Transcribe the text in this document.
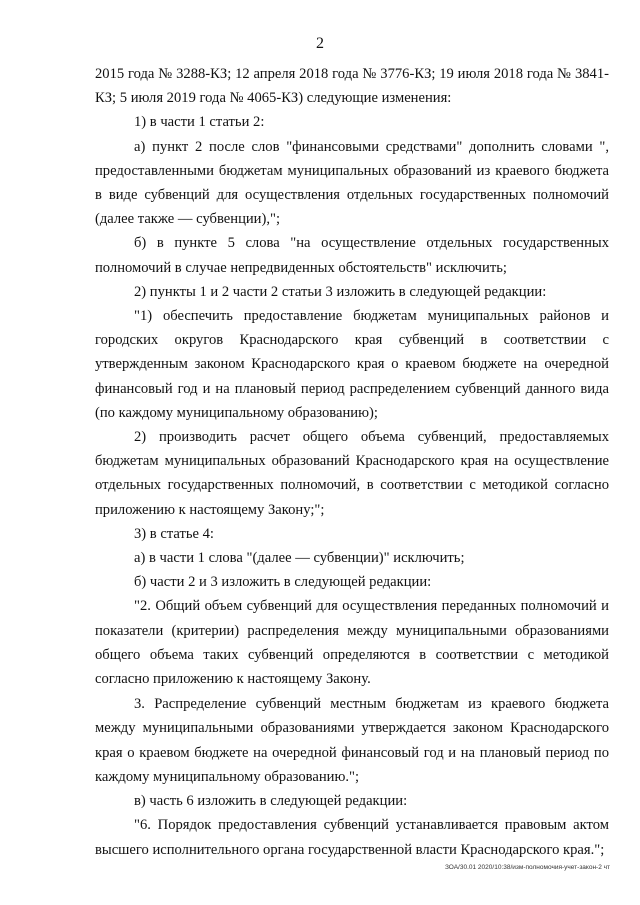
2

2015 года № 3288-КЗ; 12 апреля 2018 года № 3776-КЗ; 19 июля 2018 года № 3841-КЗ; 5 июля 2019 года № 4065-КЗ) следующие изменения:

1) в части 1 статьи 2:

а) пункт 2 после слов "финансовыми средствами" дополнить словами ", предоставленными бюджетам муниципальных образований из краевого бюджета в виде субвенций для осуществления отдельных государственных полномочий (далее также — субвенции),";

б) в пункте 5 слова "на осуществление отдельных государственных полномочий в случае непредвиденных обстоятельств" исключить;

2) пункты 1 и 2 части 2 статьи 3 изложить в следующей редакции:

"1) обеспечить предоставление бюджетам муниципальных районов и городских округов Краснодарского края субвенций в соответствии с утвержденным законом Краснодарского края о краевом бюджете на очередной финансовый год и на плановый период распределением субвенций данного вида (по каждому муниципальному образованию);

2) производить расчет общего объема субвенций, предоставляемых бюджетам муниципальных образований Краснодарского края на осуществление отдельных государственных полномочий, в соответствии с методикой согласно приложению к настоящему Закону;";

3) в статье 4:

а) в части 1 слова "(далее — субвенции)" исключить;

б) части 2 и 3 изложить в следующей редакции:

"2. Общий объем субвенций для осуществления переданных полномочий и показатели (критерии) распределения между муниципальными образованиями общего объема таких субвенций определяются в соответствии с методикой согласно приложению к настоящему Закону.

3. Распределение субвенций местным бюджетам из краевого бюджета между муниципальными образованиями утверждается законом Краснодарского края о краевом бюджете на очередной финансовый год и на плановый период по каждому муниципальному образованию.";

в) часть 6 изложить в следующей редакции:

"6. Порядок предоставления субвенций устанавливается правовым актом высшего исполнительного органа государственной власти Краснодарского края.";

ЗОА/30.01 2020/10:38/изм-полномочия-учет-закон-2 чт
